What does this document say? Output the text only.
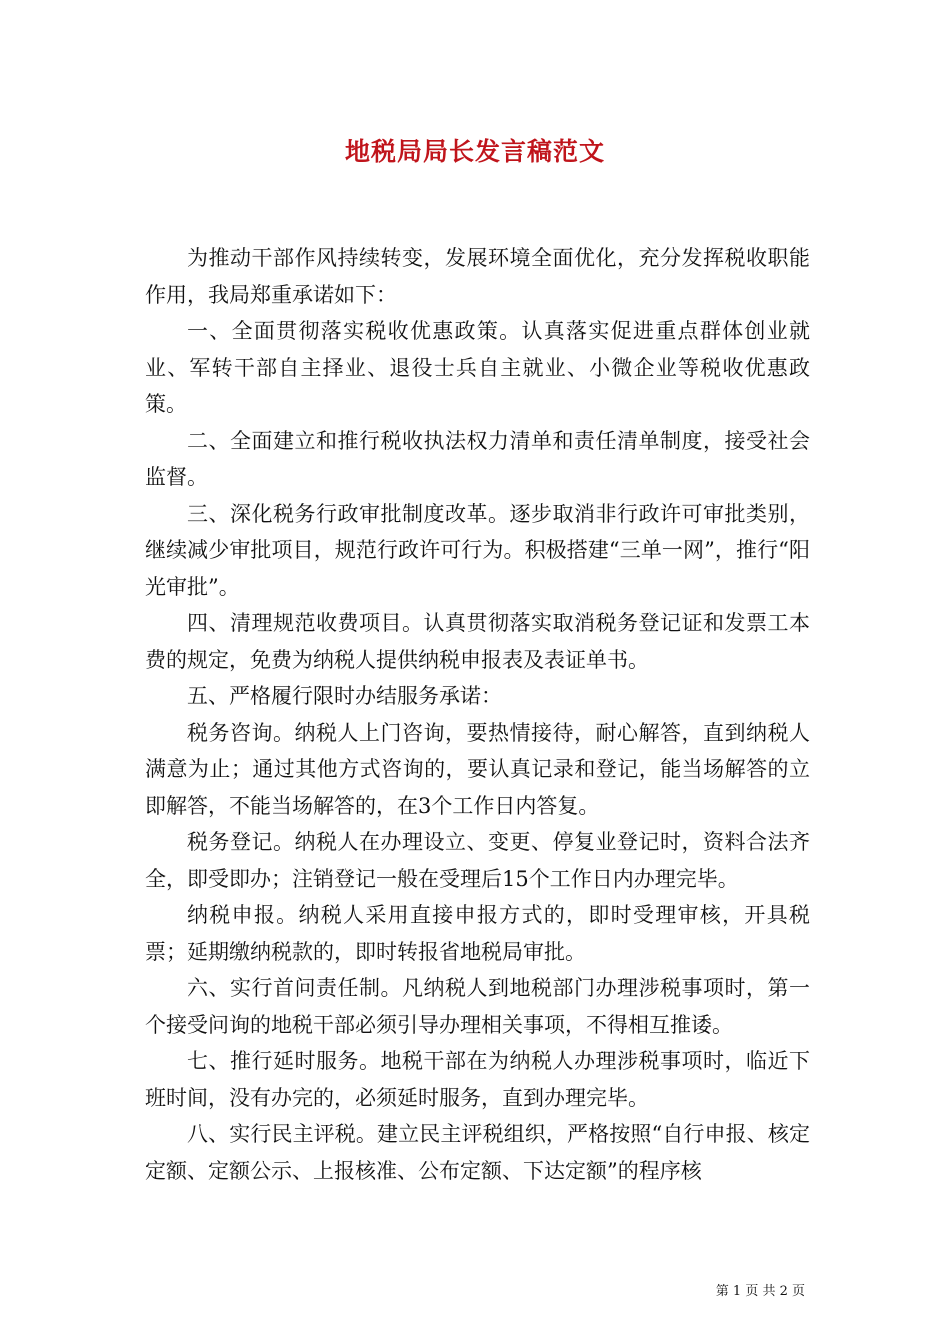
地税局局长发言稿范文

为推动干部作风持续转变，发展环境全面优化，充分发挥税收职能作用，我局郑重承诺如下：

一、全面贯彻落实税收优惠政策。认真落实促进重点群体创业就业、军转干部自主择业、退役士兵自主就业、小微企业等税收优惠政策。

二、全面建立和推行税收执法权力清单和责任清单制度，接受社会监督。

三、深化税务行政审批制度改革。逐步取消非行政许可审批类别，继续减少审批项目，规范行政许可行为。积极搭建“三单一网”，推行“阳光审批”。

四、清理规范收费项目。认真贯彻落实取消税务登记证和发票工本费的规定，免费为纳税人提供纳税申报表及表证单书。

五、严格履行限时办结服务承诺：

税务咨询。纳税人上门咨询，要热情接待，耐心解答，直到纳税人满意为止；通过其他方式咨询的，要认真记录和登记，能当场解答的立即解答，不能当场解答的，在3个工作日内答复。

税务登记。纳税人在办理设立、变更、停复业登记时，资料合法齐全，即受即办；注销登记一般在受理后15个工作日内办理完毕。

纳税申报。纳税人采用直接申报方式的，即时受理审核，开具税票；延期缴纳税款的，即时转报省地税局审批。

六、实行首问责任制。凡纳税人到地税部门办理涉税事项时，第一个接受问询的地税干部必须引导办理相关事项，不得相互推诿。

七、推行延时服务。地税干部在为纳税人办理涉税事项时，临近下班时间，没有办完的，必须延时服务，直到办理完毕。

八、实行民主评税。建立民主评税组织，严格按照“自行申报、核定定额、定额公示、上报核准、公布定额、下达定额”的程序核

第 1 页 共 2 页
